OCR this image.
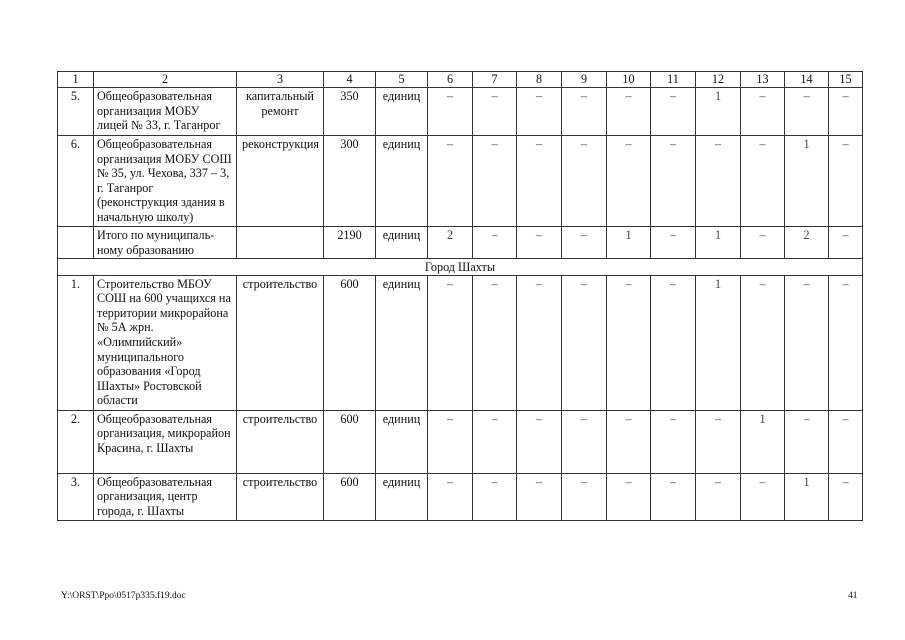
1	2	3	4	5	6	7	8	9	10	11	12	13	14	15
5.	Общеобразовательная организация МОБУ лицей № 33, г. Таганрог	капитальный ремонт	350	единиц	–	–	–	–	–	–	1	–	–	–
6.	Общеобразовательная организация МОБУ СОШ № 35, ул. Чехова, 337 – 3, г. Таганрог (реконструкция здания в начальную школу)	реконструкция	300	единиц	–	–	–	–	–	–	–	–	1	–
	Итого по муниципаль-ному образованию		2190	единиц	2	–	–	–	1	–	1	–	2	–
Город Шахты														
1.	Строительство МБОУ СОШ на 600 учащихся на территории микрорайона № 5А жрн. «Олимпийский» муниципального образования «Город Шахты» Ростовской области	строительство	600	единиц	–	–	–	–	–	–	1	–	–	–
2.	Общеобразовательная организация, микрорайон Красина, г. Шахты	строительство	600	единиц	–	–	–	–	–	–	–	1	–	–
3.	Общеобразовательная организация, центр города, г. Шахты	строительство	600	единиц	–	–	–	–	–	–	–	–	1	–
Y:\ORST\Ppo\0517p335.f19.doc	41
